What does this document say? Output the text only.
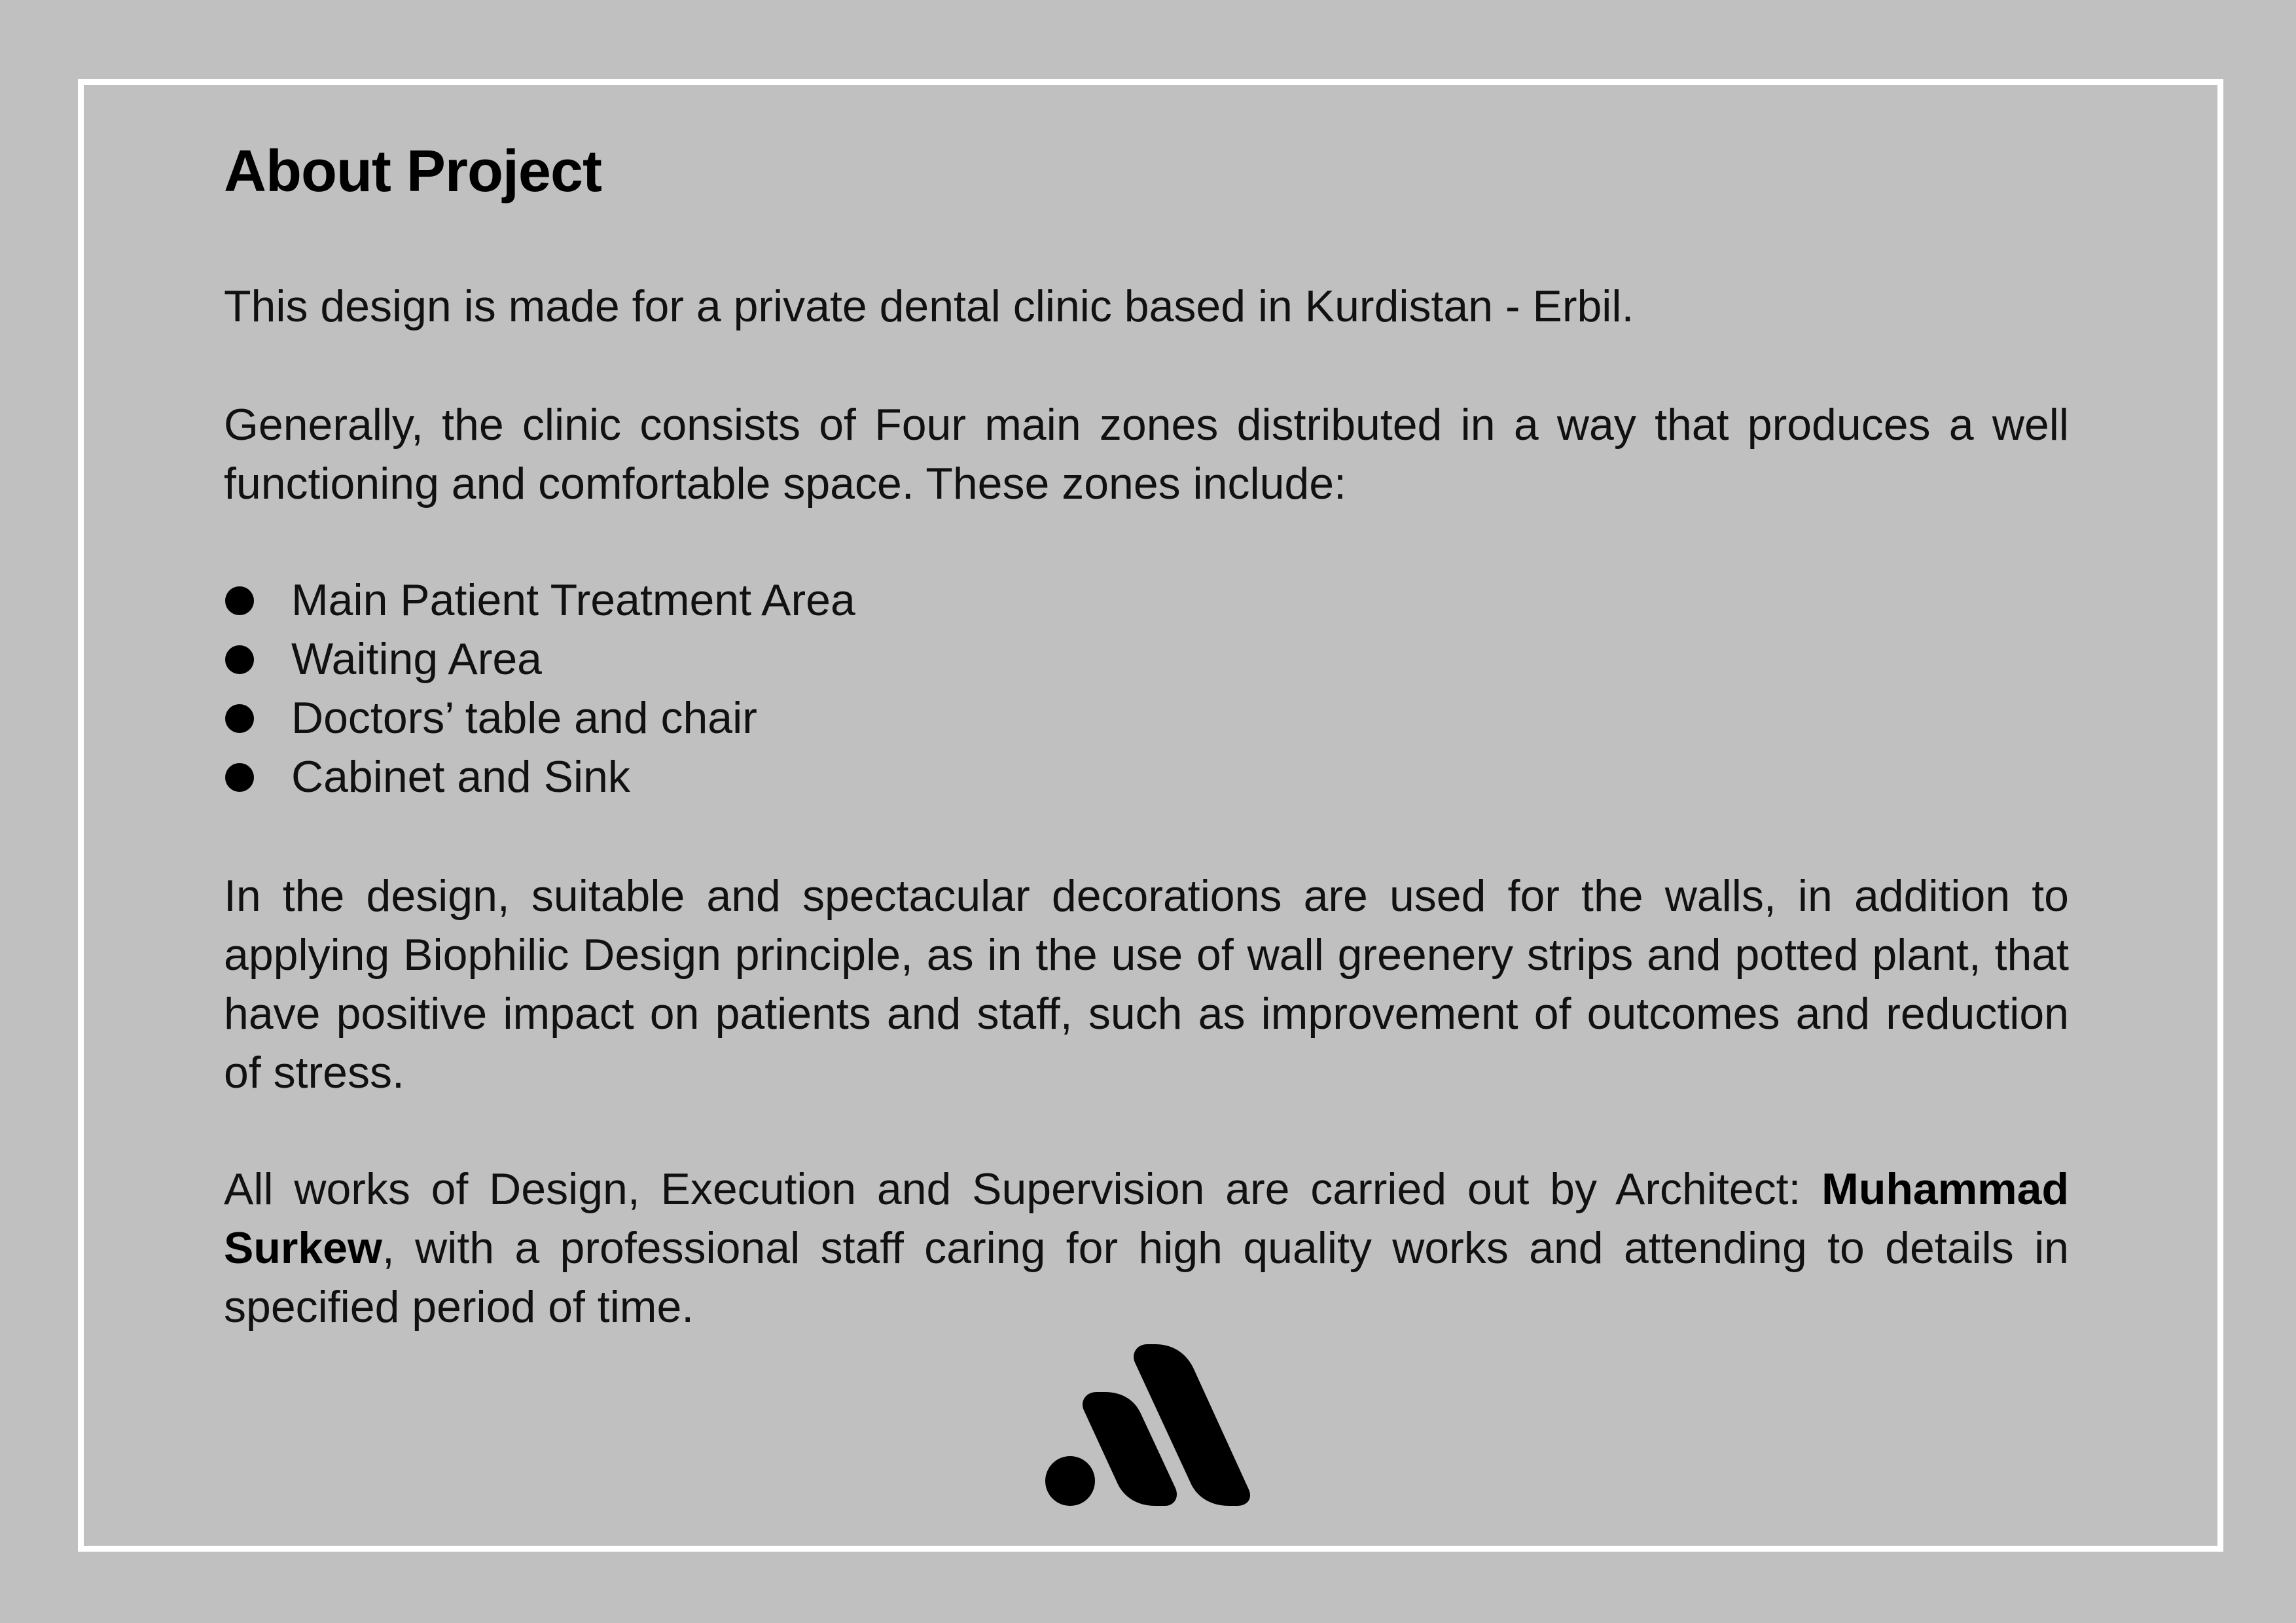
About Project
This design is made for a private dental clinic based in Kurdistan - Erbil.
Generally, the clinic consists of Four main zones distributed in a way that produces a well functioning and comfortable space. These zones include:
Main Patient Treatment Area
Waiting Area
Doctors’ table and chair
Cabinet and Sink
In the design, suitable and spectacular decorations are used for the walls, in addition to applying Biophilic Design principle, as in the use of wall greenery strips and potted plant, that have positive impact on patients and staff, such as improvement of outcomes and reduction of stress.
All works of Design, Execution and Supervision are carried out by Architect: Muhammad Surkew, with a professional staff caring for high quality works and attending to details in specified period of time.
